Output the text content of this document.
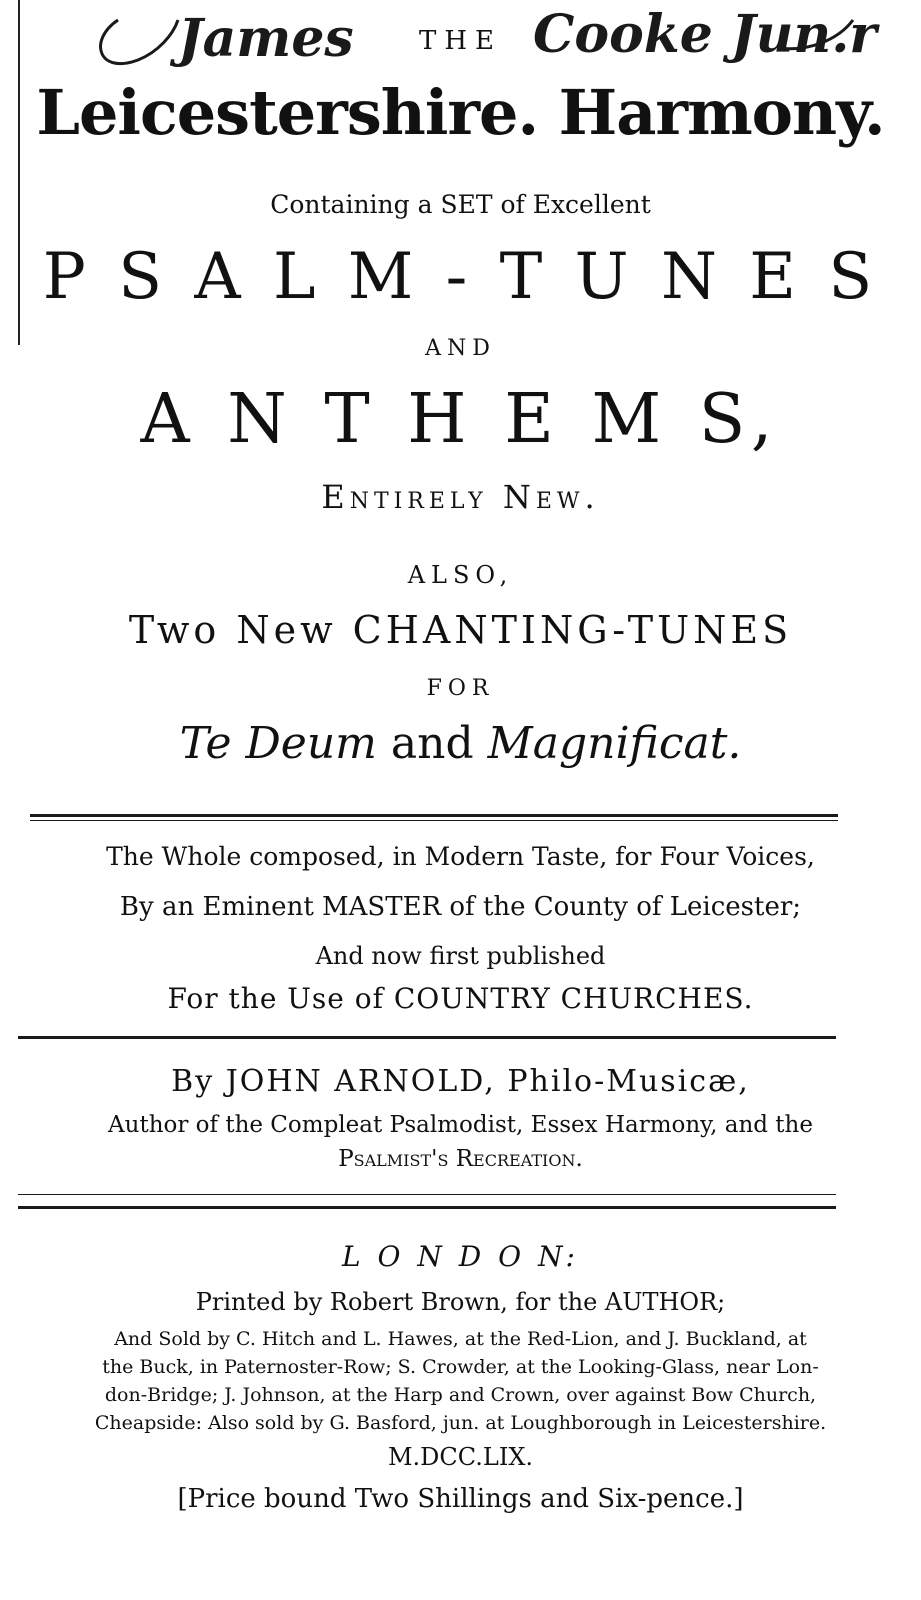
James	Cooke Jun.r
THE
Leicestershire. Harmony.
Containing a SET of Excellent
P S A L M - T U N E S
AND
A N T H E M S,
Entirely New.
ALSO,
Two New CHANTING-TUNES
FOR
Te Deum and Magnificat.
The Whole composed, in Modern Taste, for Four Voices,
By an Eminent MASTER of the County of Leicester;
And now first published
For the Use of COUNTRY CHURCHES.
By JOHN ARNOLD, Philo-Musicæ,
Author of the Compleat Psalmodist, Essex Harmony, and the
Psalmist's Recreation.
L O N D O N:
Printed by Robert Brown, for the AUTHOR;
And Sold by C. Hitch and L. Hawes, at the Red-Lion, and J. Buckland, at
the Buck, in Paternoster-Row; S. Crowder, at the Looking-Glass, near Lon-
don-Bridge; J. Johnson, at the Harp and Crown, over against Bow Church,
Cheapside: Also sold by G. Basford, jun. at Loughborough in Leicestershire.
M.DCC.LIX.
[Price bound Two Shillings and Six-pence.]
